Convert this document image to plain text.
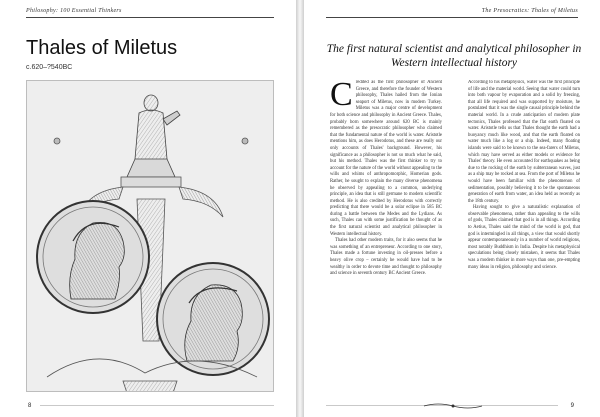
Philosophy: 100 Essential Thinkers
Thales of Miletus
c.620–?540BC
8
The Presocratics: Thales of Miletus
The first natural scientist and analytical philosopher in Western intellectual history

Credited as the first philosopher of Ancient Greece, and therefore the founder of Western philosophy, Thales hailed from the Ionian seaport of Miletus, now in modern Turkey. Miletus was a major centre of development for both science and philosophy in Ancient Greece. Thales, probably born somewhere around 620 BC is mainly remembered as the presocratic philosopher who claimed that the fundamental nature of the world is water. Aristotle mentions him, as does Herodotus, and these are really our only accounts of Thales' background. However, his significance as a philosopher is not so much what he said, but his method. Thales was the first thinker to try to account for the nature of the world without appealing to the wills and whims of anthropomorphic, Homerian gods. Rather, he sought to explain the many diverse phenomena he observed by appealing to a common, underlying principle, an idea that is still germane to modern scientific method. He is also credited by Herodotus with correctly predicting that there would be a solar eclipse in 585 BC during a battle between the Medes and the Lydians. As such, Thales can with some justification be thought of as the first natural scientist and analytical philosopher in Western intellectual history.

Thales had other modern traits, for it also seems that he was something of an entrepreneur. According to one story, Thales made a fortune investing in oil-presses before a heavy olive crop – certainly he would have had to be wealthy in order to devote time and thought to philosophy and science in seventh century BC Ancient Greece.

According to his metaphysics, water was the first principle of life and the material world. Seeing that water could turn into both vapour by evaporation and a solid by freezing, that all life required and was supported by moisture, he postulated that it was the single causal principle behind the material world. In a crude anticipation of modern plate tectonics, Thales professed that the flat earth floated on water. Aristotle tells us that Thales thought the earth had a buoyancy much like wood, and that the earth floated on water much like a log or a ship. Indeed, many floating islands were said to be known to the sea-farers of Miletus, which may have served as either models or evidence for Thales' theory. He even accounted for earthquakes as being due to the rocking of the earth by subterranean waves, just as a ship may be rocked at sea. From the port of Miletus he would have been familiar with the phenomenon of sedimentation, possibly believing it to be the spontaneous generation of earth from water, an idea held as recently as the 18th century.

Having sought to give a naturalistic explanation of observable phenomena, rather than appealing to the wills of gods, Thales claimed that god is in all things. According to Aetius, Thales said the mind of the world is god, that god is intermingled in all things, a view that would shortly appear contemporaneously in a number of world religions, most notably Buddhism in India. Despite his metaphysical speculations being closely mistaken, it seems that Thales was a modern thinker in more ways than one, pre-empting many ideas in religion, philosophy and science.

9
